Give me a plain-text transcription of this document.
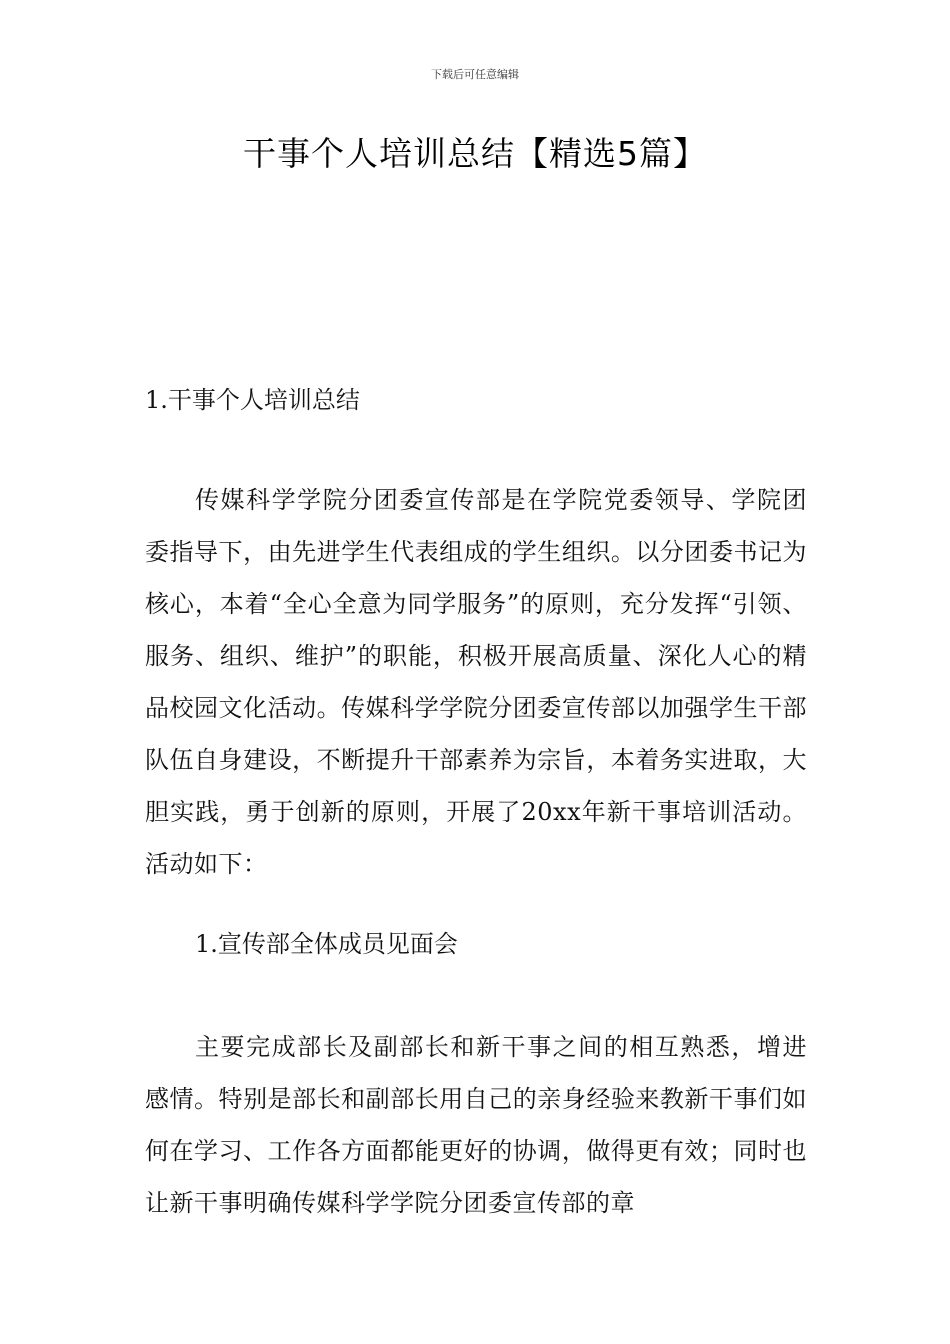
下载后可任意编辑
干事个人培训总结【精选5篇】
1.干事个人培训总结

传媒科学学院分团委宣传部是在学院党委领导、学院团委指导下，由先进学生代表组成的学生组织。以分团委书记为核心，本着“全心全意为同学服务”的原则，充分发挥“引领、服务、组织、维护”的职能，积极开展高质量、深化人心的精品校园文化活动。传媒科学学院分团委宣传部以加强学生干部队伍自身建设，不断提升干部素养为宗旨，本着务实进取，大胆实践，勇于创新的原则，开展了20xx年新干事培训活动。活动如下：

1.宣传部全体成员见面会

主要完成部长及副部长和新干事之间的相互熟悉，增进感情。特别是部长和副部长用自己的亲身经验来教新干事们如何在学习、工作各方面都能更好的协调，做得更有效；同时也让新干事明确传媒科学学院分团委宣传部的章
